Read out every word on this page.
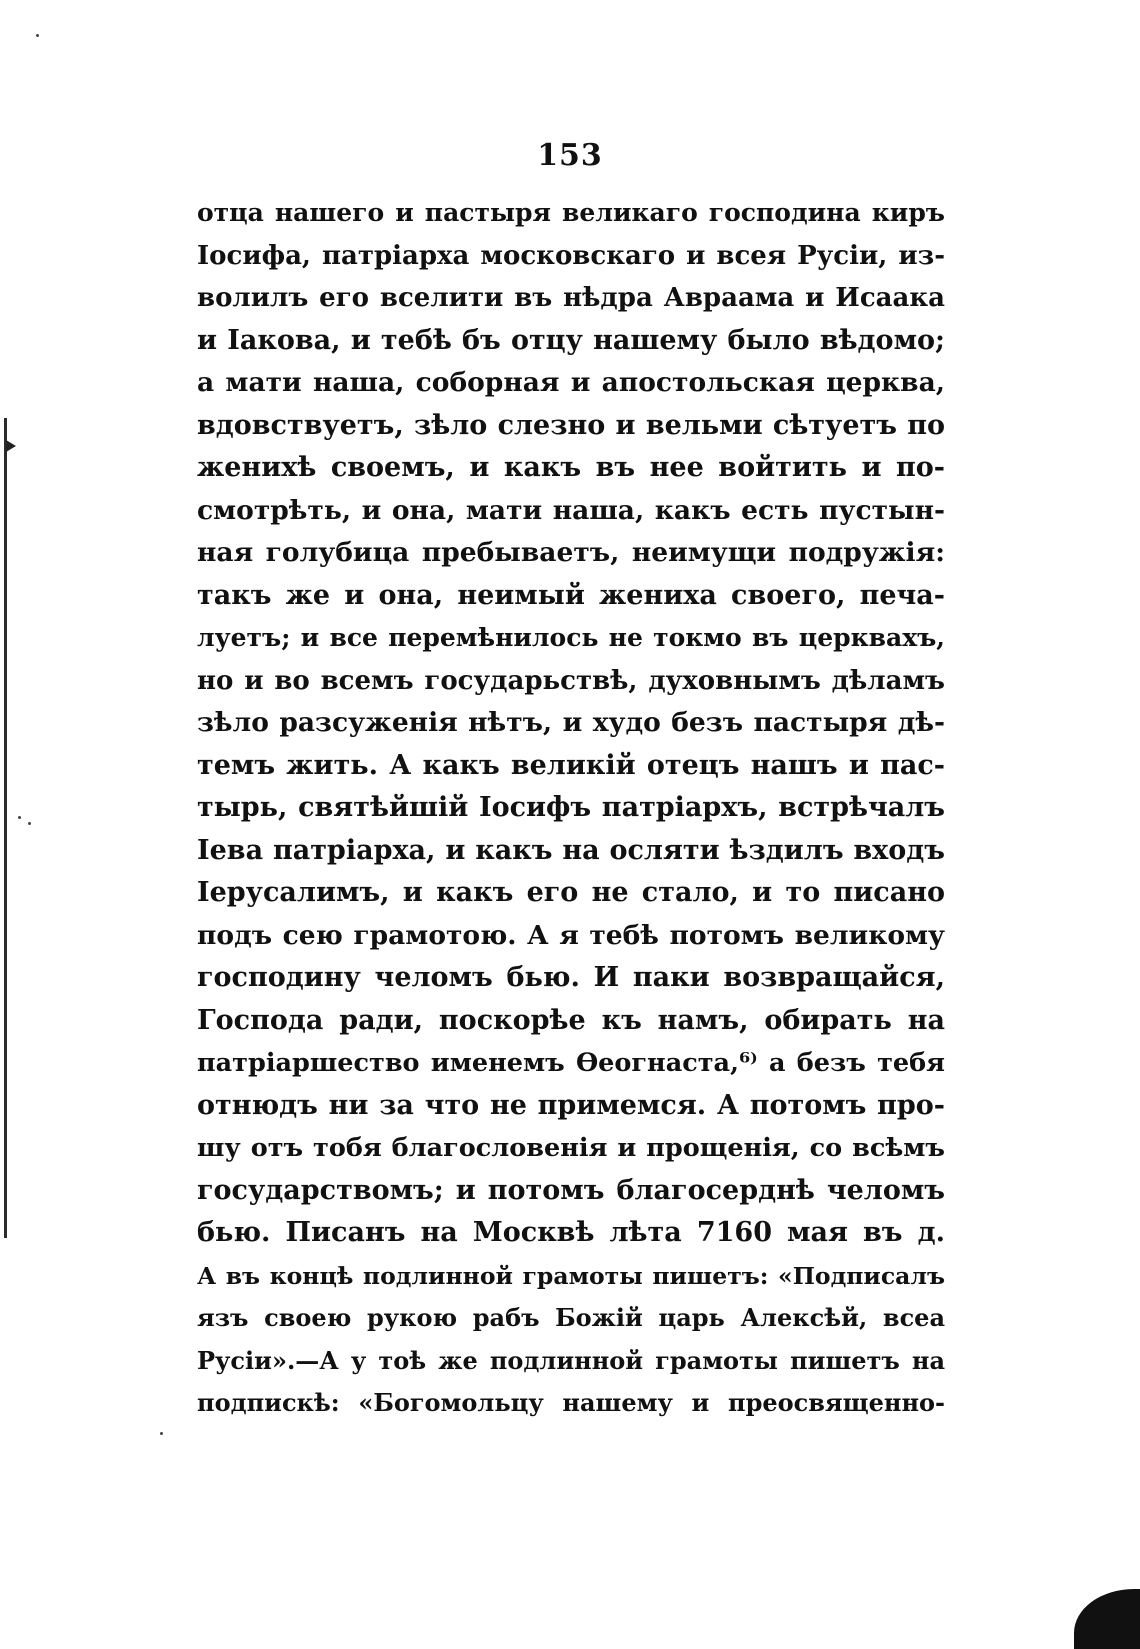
153
отца нашего и пастыря великаго господина киръ
Іосифа, патріарха московскаго и всея Русіи, из-
волилъ его вселити въ нѣдра Авраама и Исаака
и Іакова, и тебѣ бъ отцу нашему было вѣдомо;
а мати наша, соборная и апостольская церква,
вдовствуетъ, зѣло слезно и вельми сѣтуетъ по
женихѣ своемъ, и какъ въ нее войтить и по-
смотрѣть, и она, мати наша, какъ есть пустын-
ная голубица пребываетъ, неимущи подружія:
такъ же и она, неимый жениха своего, печа-
луетъ; и все перемѣнилось не токмо въ церквахъ,
но и во всемъ государьствѣ, духовнымъ дѣламъ
зѣло разсуженія нѣтъ, и худо безъ пастыря дѣ-
темъ жить. А какъ великій отецъ нашъ и пас-
тырь, святѣйшій Іосифъ патріархъ, встрѣчалъ
Іева патріарха, и какъ на осляти ѣздилъ входъ
Іерусалимъ, и какъ его не стало, и то писано
подъ сею грамотою. А я тебѣ потомъ великому
господину челомъ бью. И паки возвращайся,
Господа ради, поскорѣе къ намъ, обирать на
патріаршество именемъ Ѳеогнаста,⁶⁾ а безъ тебя
отнюдъ ни за что не примемся. А потомъ про-
шу отъ тобя благословенія и прощенія, со всѣмъ
государствомъ; и потомъ благосерднѣ челомъ
бью. Писанъ на Москвѣ лѣта 7160 мая въ д.
А въ концѣ подлинной грамоты пишетъ: «Подписалъ
язъ своею рукою рабъ Божій царь Алексѣй, всеа
Русіи».—А у тоѣ же подлинной грамоты пишетъ на
подпискѣ: «Богомольцу нашему и преосвященно-
